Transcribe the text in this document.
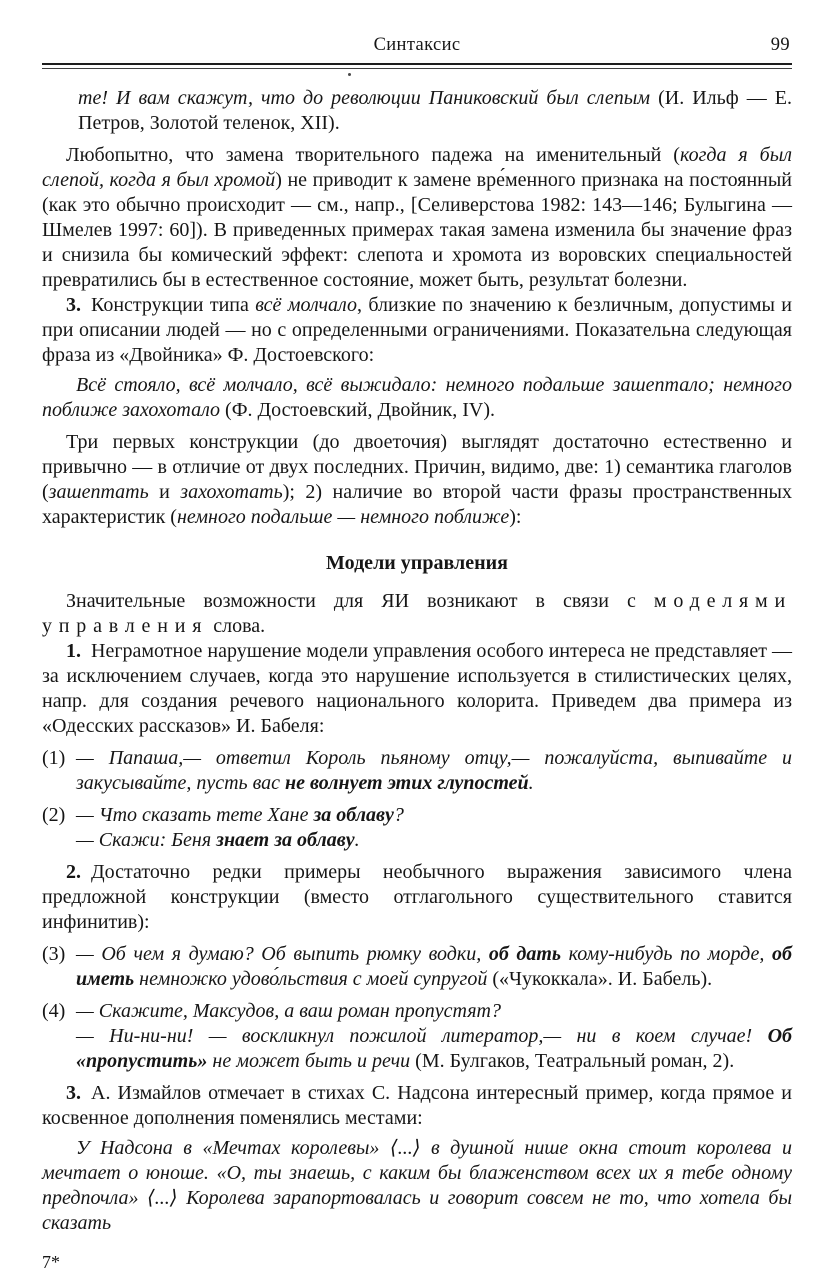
Синтаксис	99
те! И вам скажут, что до революции Паниковский был слепым (И. Ильф — Е. Петров, Золотой теленок, XII).
Любопытно, что замена творительного падежа на именительный (когда я был слепой, когда я был хромой) не приводит к замене вре́менного признака на постоянный (как это обычно происходит — см., напр., [Селиверстова 1982: 143—146; Булыгина — Шмелев 1997: 60]). В приведенных примерах такая замена изменила бы значение фраз и снизила бы комический эффект: слепота и хромота из воровских специальностей превратились бы в естественное состояние, может быть, результат болезни.
3. Конструкции типа всё молчало, близкие по значению к безличным, допустимы и при описании людей — но с определенными ограничениями. Показательна следующая фраза из «Двойника» Ф. Достоевского:
Всё стояло, всё молчало, всё выжидало: немного подальше зашептало; немного поближе захохотало (Ф. Достоевский, Двойник, IV).
Три первых конструкции (до двоеточия) выглядят достаточно естественно и привычно — в отличие от двух последних. Причин, видимо, две: 1) семантика глаголов (зашептать и захохотать); 2) наличие во второй части фразы пространственных характеристик (немного подальше — немного поближе):
Модели управления
Значительные возможности для ЯИ возникают в связи с моделями управления слова.
1. Неграмотное нарушение модели управления особого интереса не представляет — за исключением случаев, когда это нарушение используется в стилистических целях, напр. для создания речевого национального колорита. Приведем два примера из «Одесских рассказов» И. Бабеля:
(1) — Папаша,— ответил Король пьяному отцу,— пожалуйста, выпивайте и закусывайте, пусть вас не волнует этих глупостей.
(2) — Что сказать тете Хане за облаву?
— Скажи: Беня знает за облаву.
2. Достаточно редки примеры необычного выражения зависимого члена предложной конструкции (вместо отглагольного существительного ставится инфинитив):
(3) — Об чем я думаю? Об выпить рюмку водки, об дать кому-нибудь по морде, об иметь немножко удово́льствия с моей супругой («Чукоккала». И. Бабель).
(4) — Скажите, Максудов, а ваш роман пропустят?
— Ни-ни-ни! — воскликнул пожилой литератор,— ни в коем случае! Об «пропустить» не может быть и речи (М. Булгаков, Театральный роман, 2).
3. А. Измайлов отмечает в стихах С. Надсона интересный пример, когда прямое и косвенное дополнения поменялись местами:
У Надсона в «Мечтах королевы» ⟨...⟩ в душной нише окна стоит королева и мечтает о юноше. «О, ты знаешь, с каким бы блаженством всех их я тебе одному предпочла» ⟨...⟩ Королева зарапортовалась и говорит совсем не то, что хотела бы сказать
7*
